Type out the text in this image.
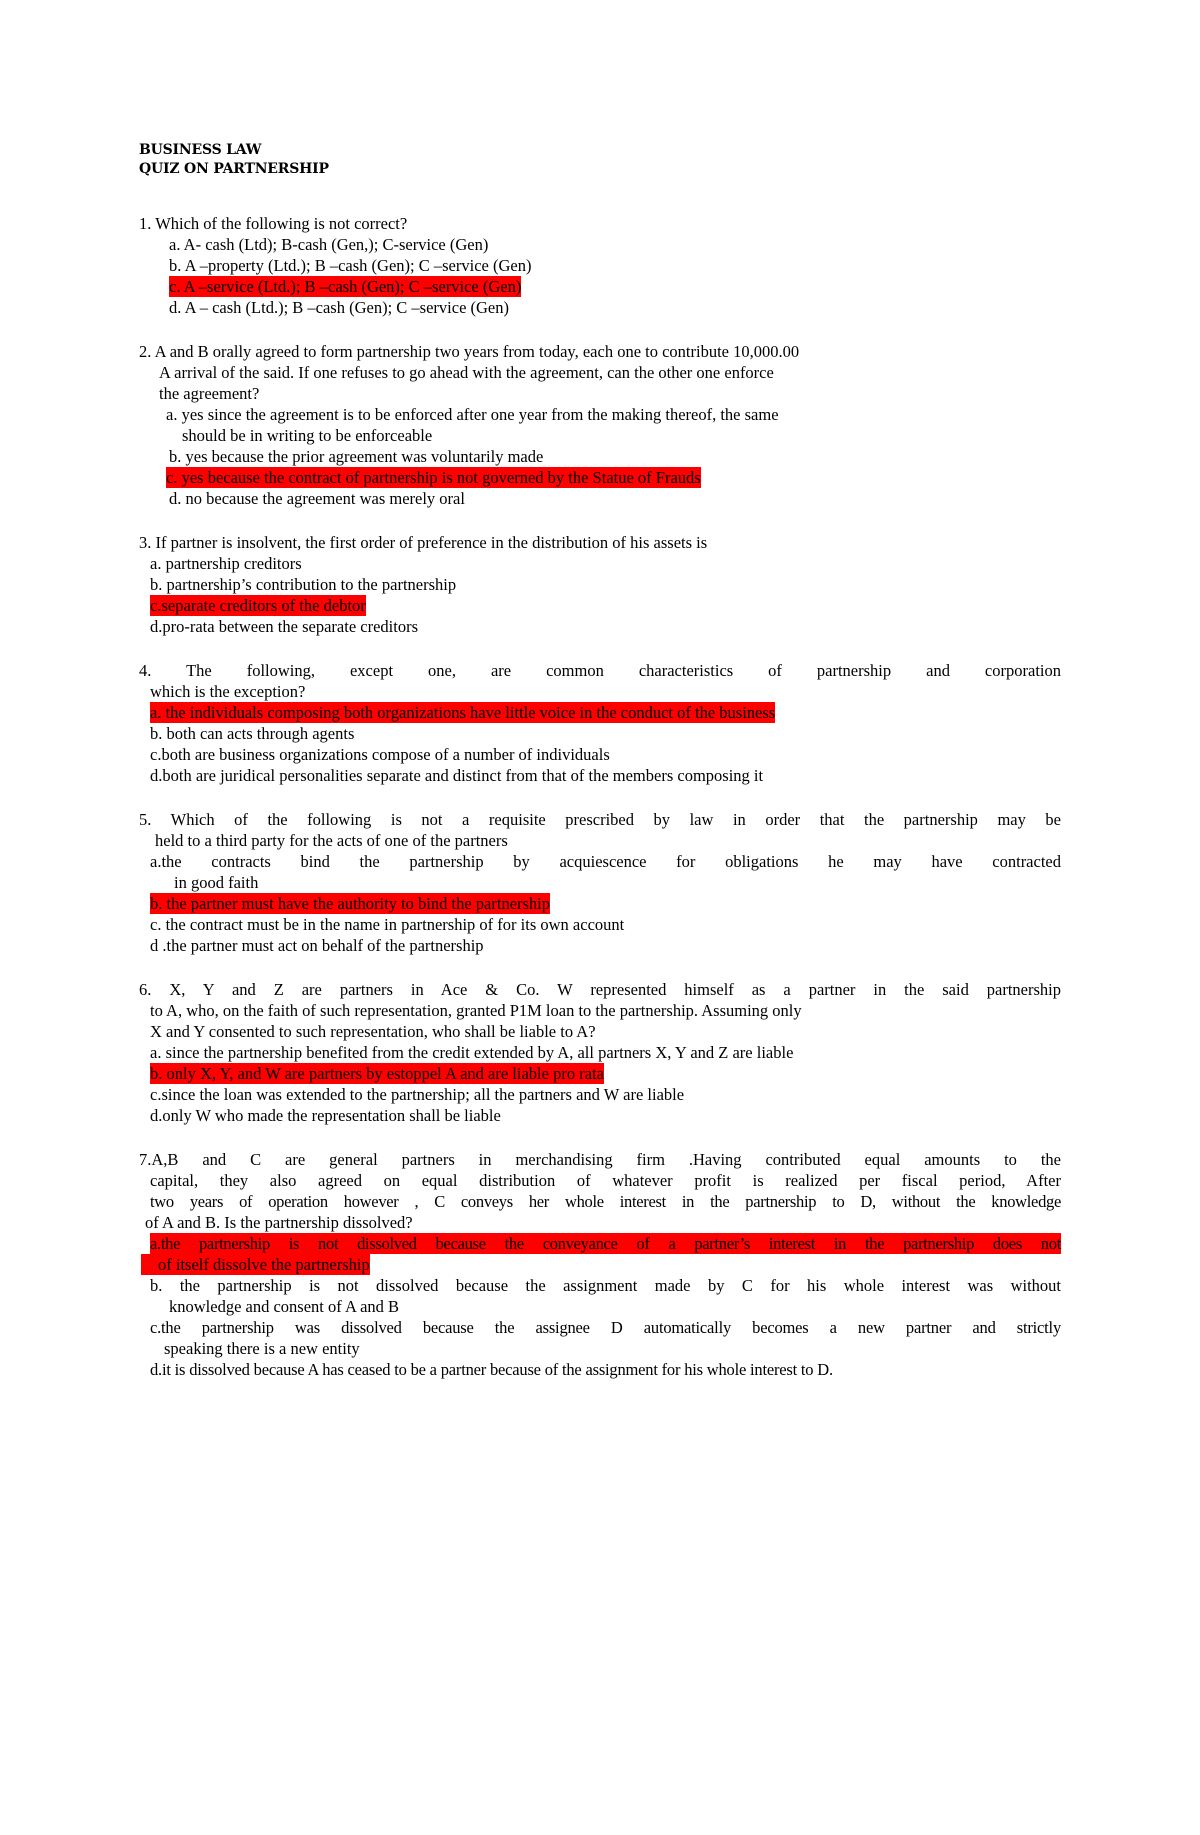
BUSINESS LAW
QUIZ ON PARTNERSHIP
1. Which of the following is not correct?
a. A- cash (Ltd); B-cash (Gen,); C-service (Gen)
b. A –property (Ltd.); B –cash (Gen); C –service (Gen)
c. A –service (Ltd.); B –cash (Gen); C –service (Gen)
d. A – cash (Ltd.); B –cash (Gen); C –service (Gen)
2. A and B orally agreed to form partnership two years from today, each one to contribute 10,000.00
A arrival of the said. If one refuses to go ahead with the agreement, can the other one enforce
the agreement?
a. yes since the agreement is to be enforced after one year from the making thereof, the same
should be in writing to be enforceable
b. yes because the prior agreement was voluntarily made
c. yes because the contract of partnership is not governed by the Statue of Frauds
d. no because the agreement was merely oral
3. If partner is insolvent, the first order of preference in the distribution of his assets is
a. partnership creditors
b. partnership’s contribution to the partnership
c.separate creditors of the debtor
d.pro-rata between the separate creditors
4. The following, except one, are common characteristics of partnership and corporation
which is the exception?
a. the individuals composing both organizations have little voice in the conduct of the business
b. both can acts through agents
c.both are business organizations compose of a number of individuals
d.both are juridical personalities separate and distinct from that of the members composing it
5. Which of the following is not a requisite prescribed by law in order that the partnership may be
held to a third party for the acts of one of the partners
a.the contracts bind the partnership by acquiescence for obligations he may have contracted
in good faith
b. the partner must have the authority to bind the partnership
c. the contract must be in the name in partnership of for its own account
d .the partner must act on behalf of the partnership
6. X, Y and Z are partners in Ace & Co. W represented himself as a partner in the said partnership
to A, who, on the faith of such representation, granted P1M loan to the partnership. Assuming only
X and Y consented to such representation, who shall be liable to A?
a. since the partnership benefited from the credit extended by A, all partners X, Y and Z are liable
b. only X, Y, and W are partners by estoppel A and are liable pro rata
c.since the loan was extended to the partnership; all the partners and W are liable
d.only W who made the representation shall be liable
7.A,B and C are general partners in merchandising firm .Having contributed equal amounts to the
capital, they also agreed on equal distribution of whatever profit is realized per fiscal period, After
two years of operation however , C conveys her whole interest in the partnership to D, without the knowledge
of A and B. Is the partnership dissolved?
a.the partnership is not dissolved because the conveyance of a partner’s interest in the partnership does not
of itself dissolve the partnership
b. the partnership is not dissolved because the assignment made by C for his whole interest was without
knowledge and consent of A and B
c.the partnership was dissolved because the assignee D automatically becomes a new partner and strictly
speaking there is a new entity
d.it is dissolved because A has ceased to be a partner because of the assignment for his whole interest to D.
